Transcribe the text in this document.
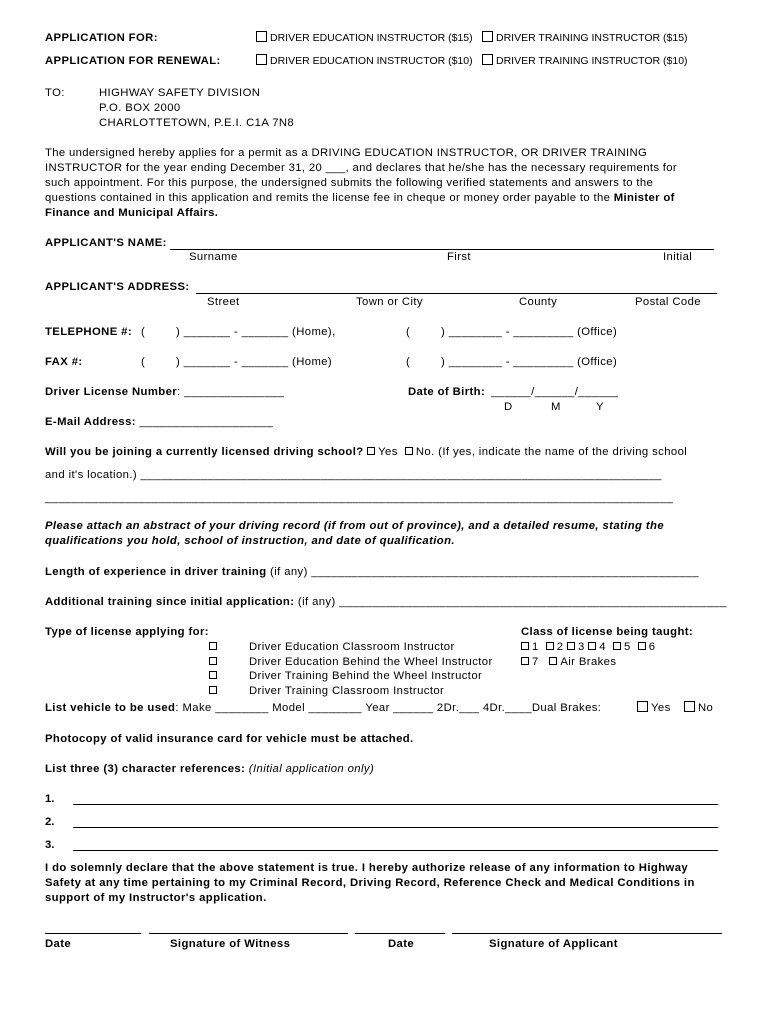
APPLICATION FOR:	DRIVER EDUCATION INSTRUCTOR ($15)	DRIVER TRAINING INSTRUCTOR ($15)
APPLICATION FOR RENEWAL:	DRIVER EDUCATION INSTRUCTOR ($10)	DRIVER TRAINING INSTRUCTOR ($10)
TO:	HIGHWAY SAFETY DIVISION
P.O. BOX 2000
CHARLOTTETOWN, P.E.I. C1A 7N8
The undersigned hereby applies for a permit as a DRIVING EDUCATION INSTRUCTOR, OR DRIVER TRAINING
INSTRUCTOR for the year ending December 31, 20 ___, and declares that he/she has the necessary requirements for
such appointment. For this purpose, the undersigned submits the following verified statements and answers to the
questions contained in this application and remits the license fee in cheque or money order payable to the Minister of
Finance and Municipal Affairs.
APPLICANT'S NAME:
Surname	First	Initial
APPLICANT'S ADDRESS:
Street	Town or City	County	Postal Code
TELEPHONE #: (	) _______ - _______ (Home),	(	) ________ - _________ (Office)
FAX #:	(	) _______ - _______ (Home)	(	) ________ - _________ (Office)
Driver License Number: _______________	Date of Birth: ______/______/______
D	M	Y
E-Mail Address: ____________________
Will you be joining a currently licensed driving school? Yes No. (If yes, indicate the name of the driving school
and it's location.) ______________________________________________________________________________
______________________________________________________________________________________________
Please attach an abstract of your driving record (if from out of province), and a detailed resume, stating the
qualifications you hold, school of instruction, and date of qualification.
Length of experience in driver training (if any) __________________________________________________________
Additional training since initial application: (if any) __________________________________________________________
Type of license applying for:
Driver Education Classroom Instructor
Driver Education Behind the Wheel Instructor
Driver Training Behind the Wheel Instructor
Driver Training Classroom Instructor
Class of license being taught:
1 2 3 4 5 6
7 Air Brakes
List vehicle to be used: Make ________ Model ________ Year ______ 2Dr.___ 4Dr.____Dual Brakes:	Yes	No
Photocopy of valid insurance card for vehicle must be attached.
List three (3) character references: (Initial application only)
1.
2.
3.
I do solemnly declare that the above statement is true. I hereby authorize release of any information to Highway
Safety at any time pertaining to my Criminal Record, Driving Record, Reference Check and Medical Conditions in
support of my Instructor's application.
Date	Signature of Witness	Date	Signature of Applicant
